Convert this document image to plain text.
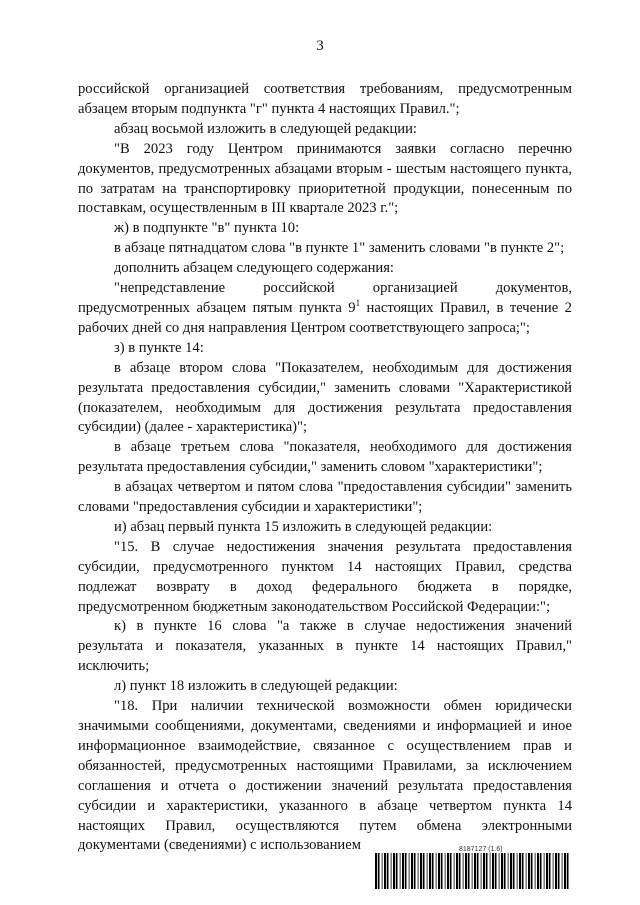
3

российской организацией соответствия требованиям, предусмотренным абзацем вторым подпункта "г" пункта 4 настоящих Правил.";

абзац восьмой изложить в следующей редакции:

"В 2023 году Центром принимаются заявки согласно перечню документов, предусмотренных абзацами вторым - шестым настоящего пункта, по затратам на транспортировку приоритетной продукции, понесенным по поставкам, осуществленным в III квартале 2023 г.";

ж) в подпункте "в" пункта 10:

в абзаце пятнадцатом слова "в пункте 1" заменить словами "в пункте 2";

дополнить абзацем следующего содержания:

"непредставление российской организацией документов, предусмотренных абзацем пятым пункта $9^1$ настоящих Правил, в течение 2 рабочих дней со дня направления Центром соответствующего запроса;";

з) в пункте 14:

в абзаце втором слова "Показателем, необходимым для достижения результата предоставления субсидии," заменить словами "Характеристикой (показателем, необходимым для достижения результата предоставления субсидии) (далее - характеристика)";

в абзаце третьем слова "показателя, необходимого для достижения результата предоставления субсидии," заменить словом "характеристики";

в абзацах четвертом и пятом слова "предоставления субсидии" заменить словами "предоставления субсидии и характеристики";

и) абзац первый пункта 15 изложить в следующей редакции:

"15. В случае недостижения значения результата предоставления субсидии, предусмотренного пунктом 14 настоящих Правил, средства подлежат возврату в доход федерального бюджета в порядке, предусмотренном бюджетным законодательством Российской Федерации:";

к) в пункте 16 слова "а также в случае недостижения значений результата и показателя, указанных в пункте 14 настоящих Правил," исключить;

л) пункт 18 изложить в следующей редакции:

"18. При наличии технической возможности обмен юридически значимыми сообщениями, документами, сведениями и информацией и иное информационное взаимодействие, связанное с осуществлением прав и обязанностей, предусмотренных настоящими Правилами, за исключением соглашения и отчета о достижении значений результата предоставления субсидии и характеристики, указанного в абзаце четвертом пункта 14 настоящих Правил, осуществляются путем обмена электронными документами (сведениями) с использованием	8187127 (1.6)
